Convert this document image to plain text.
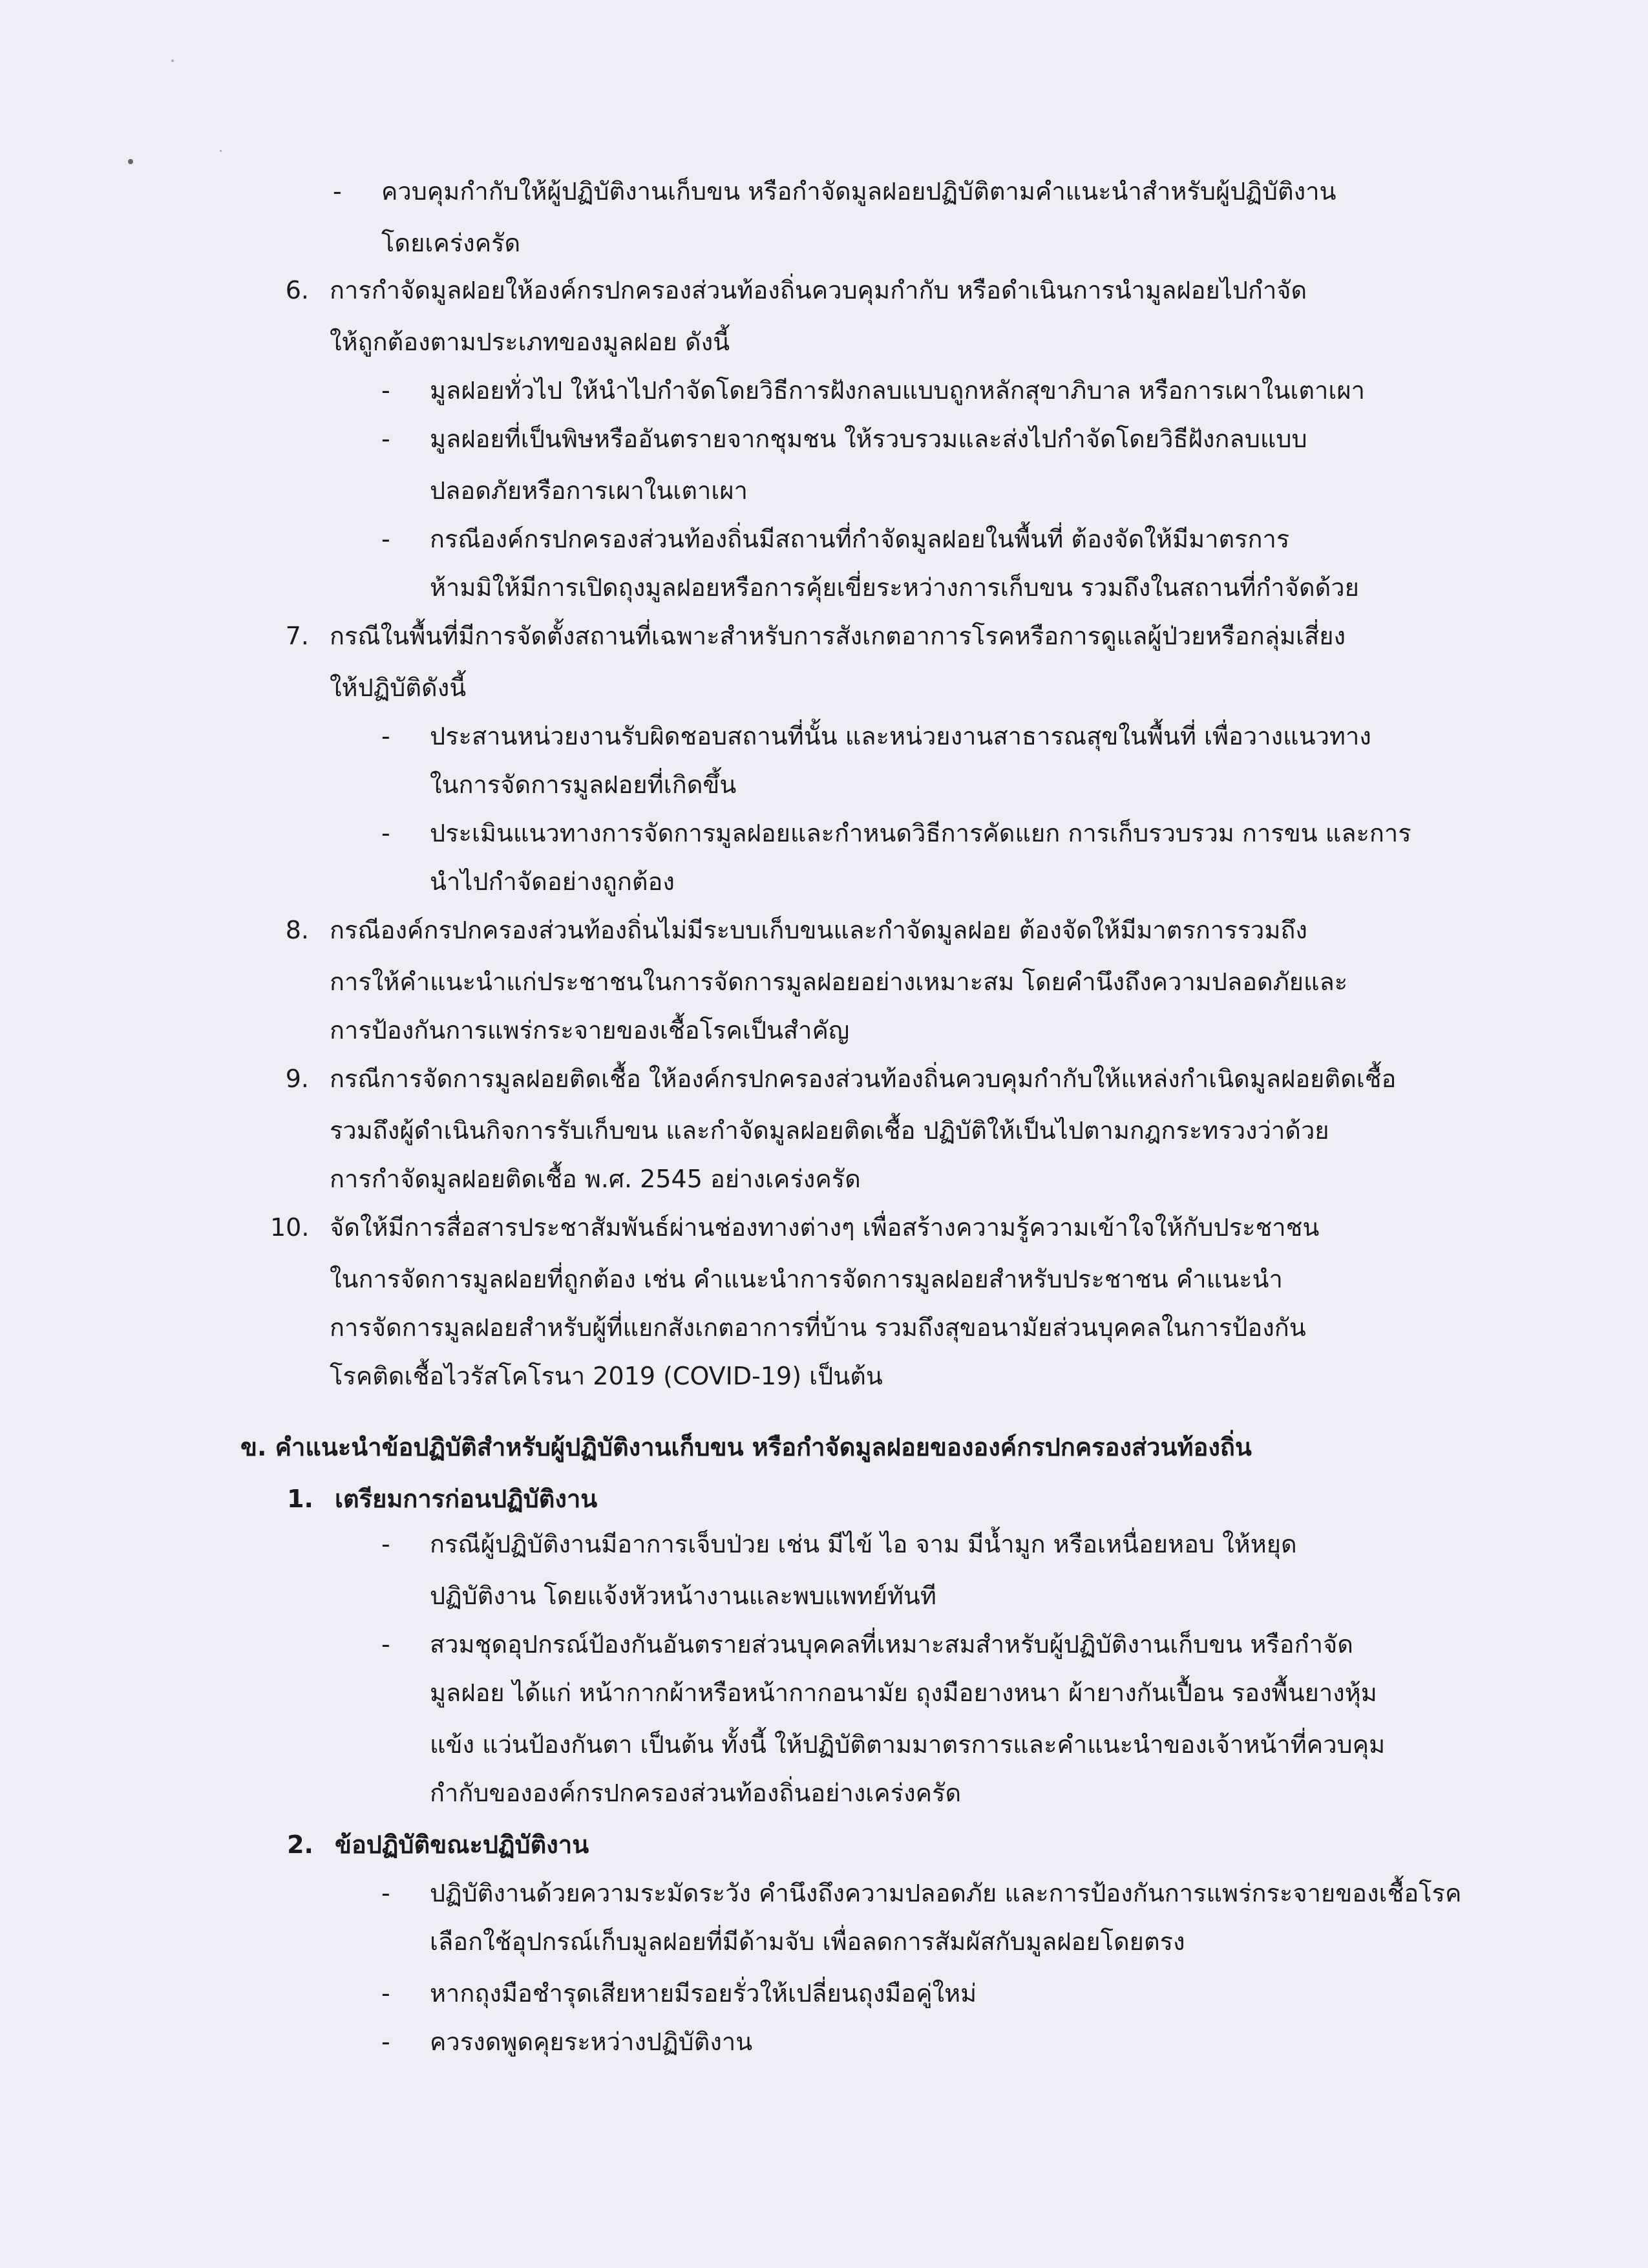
- ควบคุมกำกับให้ผู้ปฏิบัติงานเก็บขน หรือกำจัดมูลฝอยปฏิบัติตามคำแนะนำสำหรับผู้ปฏิบัติงาน
โดยเคร่งครัด
6. การกำจัดมูลฝอยให้องค์กรปกครองส่วนท้องถิ่นควบคุมกำกับ หรือดำเนินการนำมูลฝอยไปกำจัด
ให้ถูกต้องตามประเภทของมูลฝอย ดังนี้
- มูลฝอยทั่วไป ให้นำไปกำจัดโดยวิธีการฝังกลบแบบถูกหลักสุขาภิบาล หรือการเผาในเตาเผา
- มูลฝอยที่เป็นพิษหรืออันตรายจากชุมชน ให้รวบรวมและส่งไปกำจัดโดยวิธีฝังกลบแบบ
ปลอดภัยหรือการเผาในเตาเผา
- กรณีองค์กรปกครองส่วนท้องถิ่นมีสถานที่กำจัดมูลฝอยในพื้นที่ ต้องจัดให้มีมาตรการ
ห้ามมิให้มีการเปิดถุงมูลฝอยหรือการคุ้ยเขี่ยระหว่างการเก็บขน รวมถึงในสถานที่กำจัดด้วย
7. กรณีในพื้นที่มีการจัดตั้งสถานที่เฉพาะสำหรับการสังเกตอาการโรคหรือการดูแลผู้ป่วยหรือกลุ่มเสี่ยง
ให้ปฏิบัติดังนี้
- ประสานหน่วยงานรับผิดชอบสถานที่นั้น และหน่วยงานสาธารณสุขในพื้นที่ เพื่อวางแนวทาง
ในการจัดการมูลฝอยที่เกิดขึ้น
- ประเมินแนวทางการจัดการมูลฝอยและกำหนดวิธีการคัดแยก การเก็บรวบรวม การขน และการ
นำไปกำจัดอย่างถูกต้อง
8. กรณีองค์กรปกครองส่วนท้องถิ่นไม่มีระบบเก็บขนและกำจัดมูลฝอย ต้องจัดให้มีมาตรการรวมถึง
การให้คำแนะนำแก่ประชาชนในการจัดการมูลฝอยอย่างเหมาะสม โดยคำนึงถึงความปลอดภัยและ
การป้องกันการแพร่กระจายของเชื้อโรคเป็นสำคัญ
9. กรณีการจัดการมูลฝอยติดเชื้อ ให้องค์กรปกครองส่วนท้องถิ่นควบคุมกำกับให้แหล่งกำเนิดมูลฝอยติดเชื้อ
รวมถึงผู้ดำเนินกิจการรับเก็บขน และกำจัดมูลฝอยติดเชื้อ ปฏิบัติให้เป็นไปตามกฎกระทรวงว่าด้วย
การกำจัดมูลฝอยติดเชื้อ พ.ศ. 2545 อย่างเคร่งครัด
10. จัดให้มีการสื่อสารประชาสัมพันธ์ผ่านช่องทางต่างๆ เพื่อสร้างความรู้ความเข้าใจให้กับประชาชน
ในการจัดการมูลฝอยที่ถูกต้อง เช่น คำแนะนำการจัดการมูลฝอยสำหรับประชาชน คำแนะนำ
การจัดการมูลฝอยสำหรับผู้ที่แยกสังเกตอาการที่บ้าน รวมถึงสุขอนามัยส่วนบุคคลในการป้องกัน
โรคติดเชื้อไวรัสโคโรนา 2019 (COVID-19) เป็นต้น
ข. คำแนะนำข้อปฏิบัติสำหรับผู้ปฏิบัติงานเก็บขน หรือกำจัดมูลฝอยขององค์กรปกครองส่วนท้องถิ่น
1. เตรียมการก่อนปฏิบัติงาน
- กรณีผู้ปฏิบัติงานมีอาการเจ็บป่วย เช่น มีไข้ ไอ จาม มีน้ำมูก หรือเหนื่อยหอบ ให้หยุด
ปฏิบัติงาน โดยแจ้งหัวหน้างานและพบแพทย์ทันที
- สวมชุดอุปกรณ์ป้องกันอันตรายส่วนบุคคลที่เหมาะสมสำหรับผู้ปฏิบัติงานเก็บขน หรือกำจัด
มูลฝอย ได้แก่ หน้ากากผ้าหรือหน้ากากอนามัย ถุงมือยางหนา ผ้ายางกันเปื้อน รองพื้นยางหุ้ม
แข้ง แว่นป้องกันตา เป็นต้น ทั้งนี้ ให้ปฏิบัติตามมาตรการและคำแนะนำของเจ้าหน้าที่ควบคุม
กำกับขององค์กรปกครองส่วนท้องถิ่นอย่างเคร่งครัด
2. ข้อปฏิบัติขณะปฏิบัติงาน
- ปฏิบัติงานด้วยความระมัดระวัง คำนึงถึงความปลอดภัย และการป้องกันการแพร่กระจายของเชื้อโรค
เลือกใช้อุปกรณ์เก็บมูลฝอยที่มีด้ามจับ เพื่อลดการสัมผัสกับมูลฝอยโดยตรง
- หากถุงมือชำรุดเสียหายมีรอยรั่วให้เปลี่ยนถุงมือคู่ใหม่
- ควรงดพูดคุยระหว่างปฏิบัติงาน
